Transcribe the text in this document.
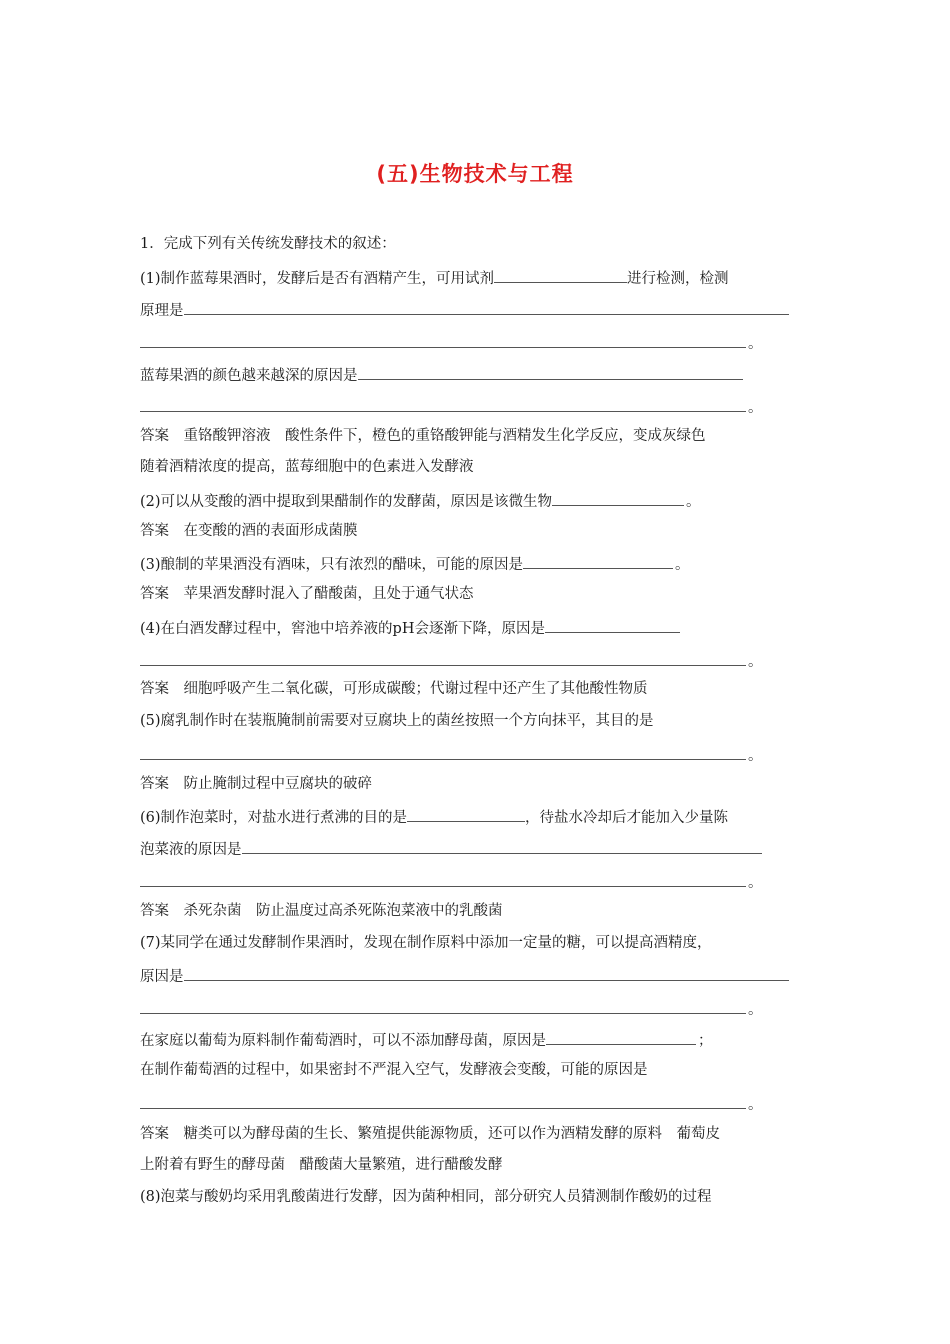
(五)生物技术与工程
1．完成下列有关传统发酵技术的叙述：
(1)制作蓝莓果酒时，发酵后是否有酒精产生，可用试剂	进行检测，检测
原理是
。
蓝莓果酒的颜色越来越深的原因是
。
答案　重铬酸钾溶液　酸性条件下，橙色的重铬酸钾能与酒精发生化学反应，变成灰绿色
随着酒精浓度的提高，蓝莓细胞中的色素进入发酵液
(2)可以从变酸的酒中提取到果醋制作的发酵菌，原因是该微生物	。
答案　在变酸的酒的表面形成菌膜
(3)酿制的苹果酒没有酒味，只有浓烈的醋味，可能的原因是	。
答案　苹果酒发酵时混入了醋酸菌，且处于通气状态
(4)在白酒发酵过程中，窖池中培养液的pH会逐渐下降，原因是
。
答案　细胞呼吸产生二氧化碳，可形成碳酸；代谢过程中还产生了其他酸性物质
(5)腐乳制作时在装瓶腌制前需要对豆腐块上的菌丝按照一个方向抹平，其目的是
。
答案　防止腌制过程中豆腐块的破碎
(6)制作泡菜时，对盐水进行煮沸的目的是	，待盐水冷却后才能加入少量陈
泡菜液的原因是
。
答案　杀死杂菌　防止温度过高杀死陈泡菜液中的乳酸菌
(7)某同学在通过发酵制作果酒时，发现在制作原料中添加一定量的糖，可以提高酒精度，
原因是
。
在家庭以葡萄为原料制作葡萄酒时，可以不添加酵母菌，原因是	；
在制作葡萄酒的过程中，如果密封不严混入空气，发酵液会变酸，可能的原因是
。
答案　糖类可以为酵母菌的生长、繁殖提供能源物质，还可以作为酒精发酵的原料　葡萄皮
上附着有野生的酵母菌　醋酸菌大量繁殖，进行醋酸发酵
(8)泡菜与酸奶均采用乳酸菌进行发酵，因为菌种相同，部分研究人员猜测制作酸奶的过程
